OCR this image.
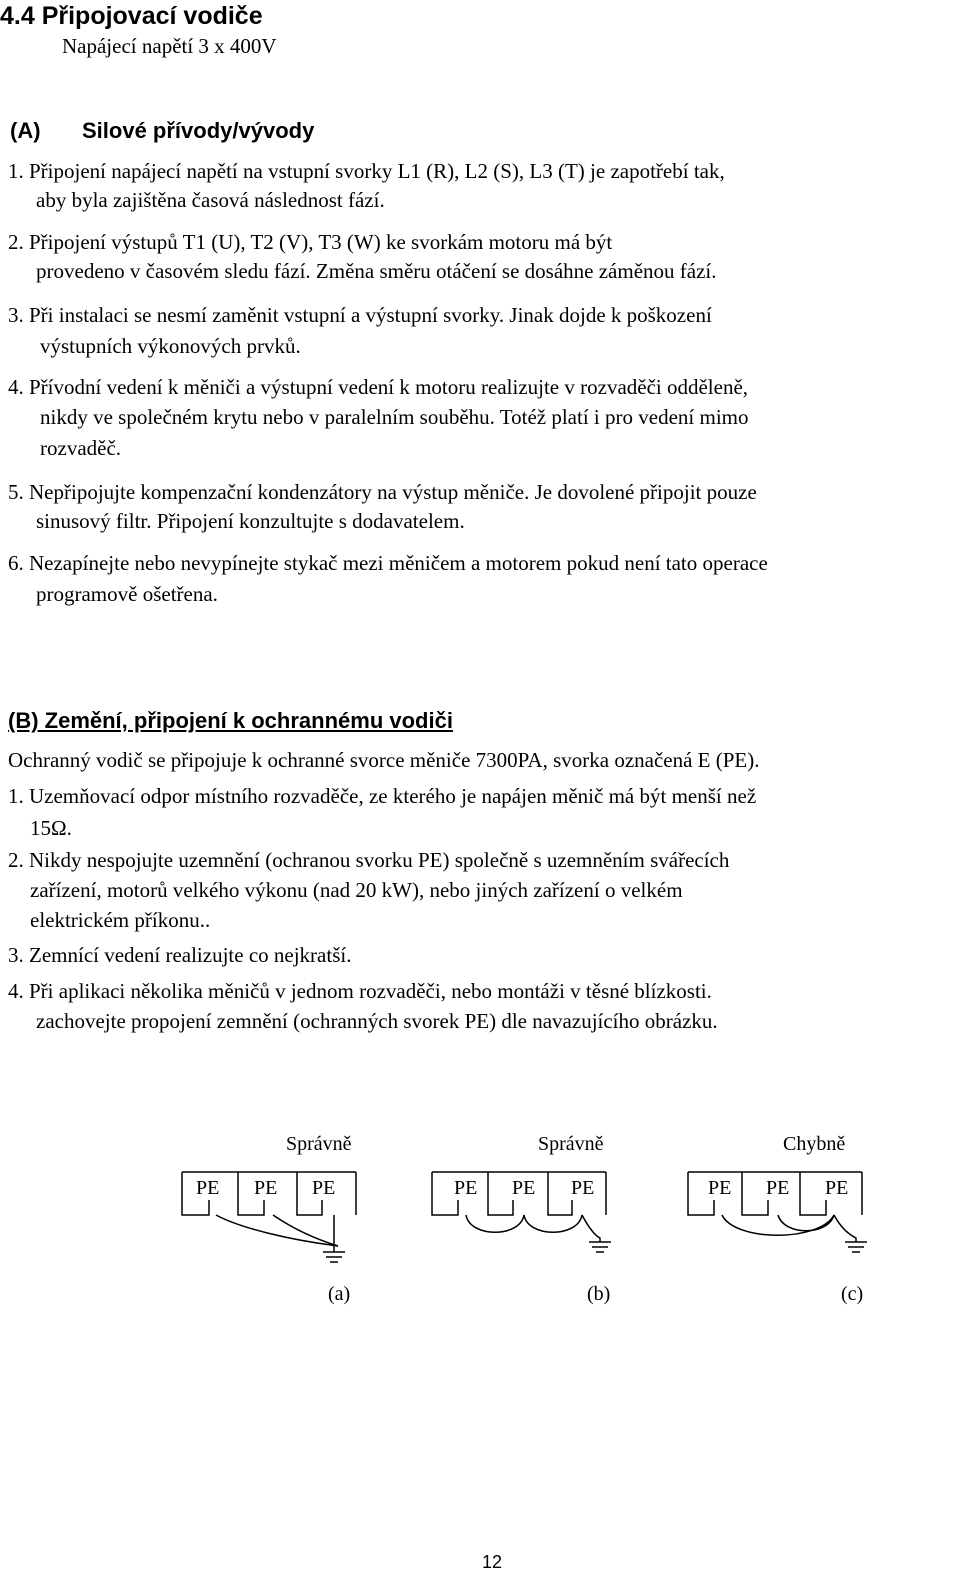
4.4 Připojovací vodiče
Napájecí napětí 3 x 400V
(A) Silové přívody/vývody
1. Připojení napájecí napětí na vstupní svorky L1 (R), L2 (S), L3 (T) je zapotřebí tak,
aby byla zajištěna časová následnost fází.
2. Připojení výstupů T1 (U), T2 (V), T3 (W) ke svorkám motoru má být
provedeno v časovém sledu fází. Změna směru otáčení se dosáhne záměnou fází.
3. Při instalaci se nesmí zaměnit vstupní a výstupní svorky. Jinak dojde k poškození
výstupních výkonových prvků.
4. Přívodní vedení k měniči a výstupní vedení k motoru realizujte v rozvaděči odděleně,
nikdy ve společném krytu nebo v paralelním souběhu. Totéž platí i pro vedení mimo
rozvaděč.
5. Nepřipojujte kompenzační kondenzátory na výstup měniče. Je dovolené připojit pouze
sinusový filtr. Připojení konzultujte s dodavatelem.
6. Nezapínejte nebo nevypínejte stykač mezi měničem a motorem pokud není tato operace
programově ošetřena.
(B) Zemění, připojení k ochrannému vodiči
Ochranný vodič se připojuje k ochranné svorce měniče 7300PA, svorka označená E (PE).
1. Uzemňovací odpor místního rozvaděče, ze kterého je napájen měnič má být menší než
15Ω.
2. Nikdy nespojujte uzemnění (ochranou svorku PE) společně s uzemněním svářecích
zařízení, motorů velkého výkonu (nad 20 kW), nebo jiných zařízení o velkém
elektrickém příkonu..
3. Zemnící vedení realizujte co nejkratší.
4. Při aplikaci několika měničů v jednom rozvaděči, nebo montáži v těsné blízkosti.
zachovejte propojení zemnění (ochranných svorek PE) dle navazujícího obrázku.
Správně	Správně	Chybně
PE PE PE	PE PE PE	PE PE PE
(a)	(b)	(c)
12
